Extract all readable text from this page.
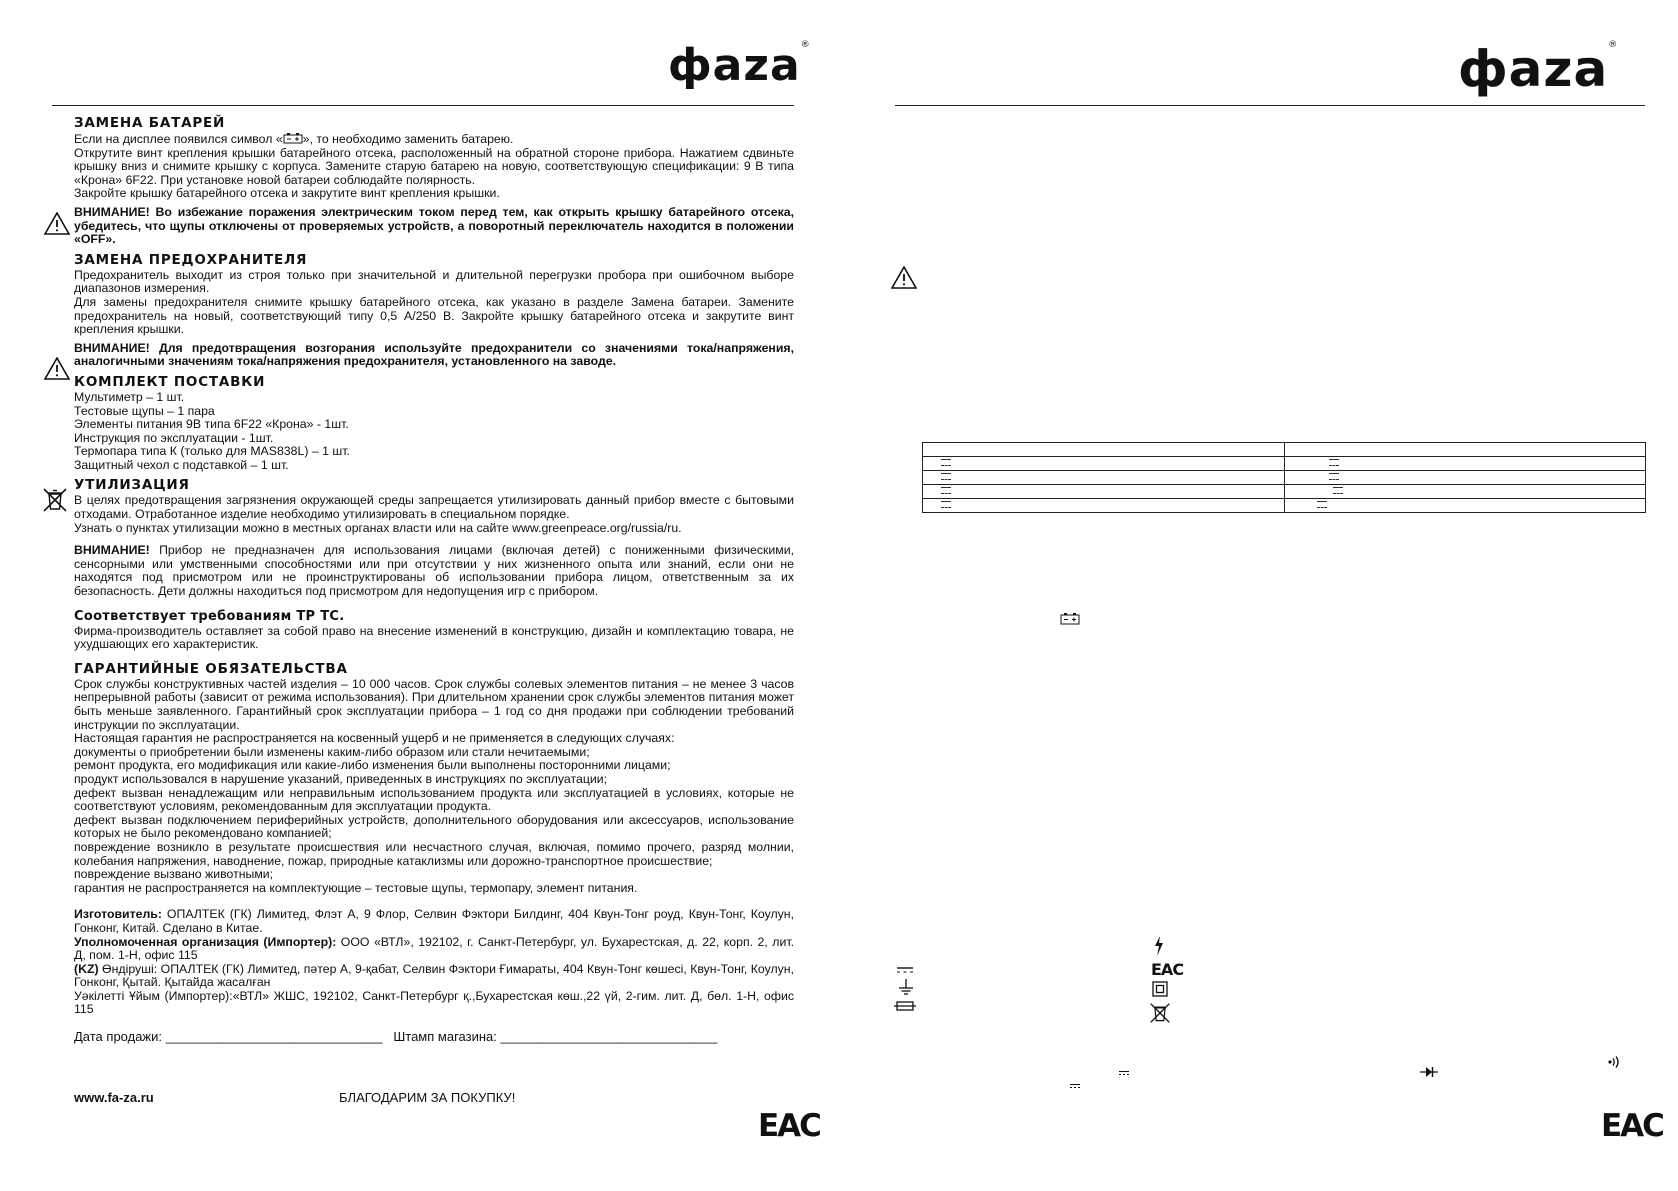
фаza®
ЗАМЕНА БАТАРЕЙ

Если на дисплее появился символ « », то необходимо заменить батарею.

Открутите винт крепления крышки батарейного отсека, расположенный на обратной стороне прибора. Нажатием сдвиньте крышку вниз и снимите крышку с корпуса. Замените старую батарею на новую, соответствующую спецификации: 9 В типа «Крона» 6F22. При установке новой батареи соблюдайте полярность.

Закройте крышку батарейного отсека и закрутите винт крепления крышки.

ВНИМАНИЕ! Во избежание поражения электрическим током перед тем, как открыть крышку батарейного отсека, убедитесь, что щупы отключены от проверяемых устройств, а поворотный переключатель находится в положении «OFF».

ЗАМЕНА ПРЕДОХРАНИТЕЛЯ

Предохранитель выходит из строя только при значительной и длительной перегрузки пробора при ошибочном выборе диапазонов измерения.

Для замены предохранителя снимите крышку батарейного отсека, как указано в разделе Замена батареи. Замените предохранитель на новый, соответствующий типу 0,5 А/250 В. Закройте крышку батарейного отсека и закрутите винт крепления крышки.

ВНИМАНИЕ! Для предотвращения возгорания используйте предохранители со значениями тока/напряжения, аналогичными значениям тока/напряжения предохранителя, установленного на заводе.

КОМПЛЕКТ ПОСТАВКИ

Мультиметр – 1 шт.

Тестовые щупы – 1 пара

Элементы питания 9В типа 6F22 «Крона» - 1шт.

Инструкция по эксплуатации - 1шт.

Термопара типа К (только для MAS838L) – 1 шт.

Защитный чехол с подставкой – 1 шт.

УТИЛИЗАЦИЯ

В целях предотвращения загрязнения окружающей среды запрещается утилизировать данный прибор вместе с бытовыми отходами. Отработанное изделие необходимо утилизировать в специальном порядке.

Узнать о пунктах утилизации можно в местных органах власти или на сайте www.greenpeace.org/russia/ru.

ВНИМАНИЕ! Прибор не предназначен для использования лицами (включая детей) с пониженными физическими, сенсорными или умственными способностями или при отсутствии у них жизненного опыта или знаний, если они не находятся под присмотром или не проинструктированы об использовании прибора лицом, ответственным за их безопасность. Дети должны находиться под присмотром для недопущения игр с прибором.

Соответствует требованиям ТР ТС.

Фирма-производитель оставляет за собой право на внесение изменений в конструкцию, дизайн и комплектацию товара, не ухудшающих его характеристик.

ГАРАНТИЙНЫЕ ОБЯЗАТЕЛЬСТВА

Срок службы конструктивных частей изделия – 10 000 часов. Срок службы солевых элементов питания – не менее 3 часов непрерывной работы (зависит от режима использования). При длительном хранении срок службы элементов питания может быть меньше заявленного. Гарантийный срок эксплуатации прибора – 1 год со дня продажи при соблюдении требований инструкции по эксплуатации.

Настоящая гарантия не распространяется на косвенный ущерб и не применяется в следующих случаях:

документы о приобретении были изменены каким-либо образом или стали нечитаемыми;

ремонт продукта, его модификация или какие-либо изменения были выполнены посторонними лицами;

продукт использовался в нарушение указаний, приведенных в инструкциях по эксплуатации;

дефект вызван ненадлежащим или неправильным использованием продукта или эксплуатацией в условиях, которые не соответствуют условиям, рекомендованным для эксплуатации продукта.

дефект вызван подключением периферийных устройств, дополнительного оборудования или аксессуаров, использование которых не было рекомендовано компанией;

повреждение возникло в результате происшествия или несчастного случая, включая, помимо прочего, разряд молнии, колебания напряжения, наводнение, пожар, природные катаклизмы или дорожно-транспортное происшествие;

повреждение вызвано животными;

гарантия не распространяется на комплектующие – тестовые щупы, термопару, элемент питания.

Изготовитель: ОПАЛТЕК (ГК) Лимитед, Флэт А, 9 Флор, Селвин Фэктори Билдинг, 404 Квун-Тонг роуд, Квун-Тонг, Коулун, Гонконг, Китай. Сделано в Китае.

Уполномоченная организация (Импортер): ООО «ВТЛ», 192102, г. Санкт-Петербург, ул. Бухарестская, д. 22, корп. 2, лит. Д, пом. 1-Н, офис 115

(KZ) Өндіруші: ОПАЛТЕК (ГК) Лимитед, пәтер А, 9-қабат, Селвин Фэктори Ғимараты, 404 Квун-Тонг көшесі, Квун-Тонг, Коулун, Гонконг, Қытай. Қытайда жасалған

Уәкілетті Ұйым (Импортер):«ВТЛ» ЖШС, 192102, Санкт-Петербург қ.,Бухарестская көш.,22 үй, 2-гим. лит. Д, бөл. 1-Н, офис 115

Дата продажи: ______________________________ Штамп магазина: ______________________________

www.fa-za.ru	БЛАГОДАРИМ ЗА ПОКУПКУ!
EAC
фаza®

EAC
EAC
